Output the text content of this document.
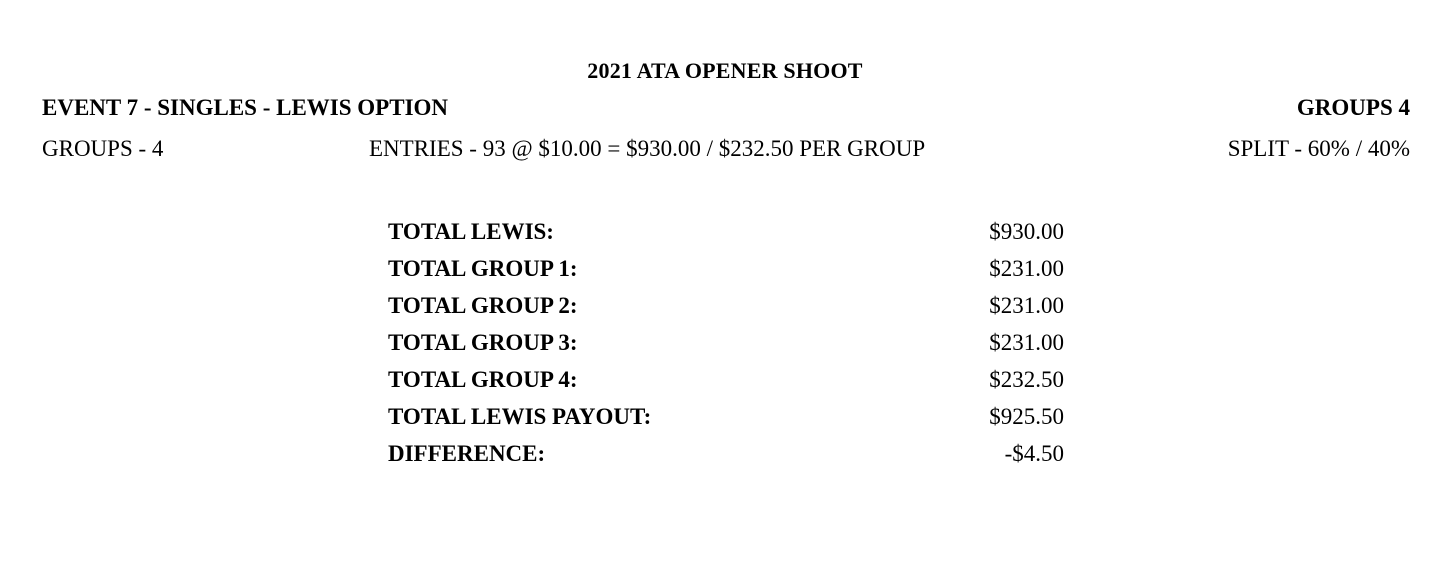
2021 ATA OPENER SHOOT
EVENT 7 - SINGLES - LEWIS OPTION	GROUPS 4
GROUPS - 4	ENTRIES - 93 @ $10.00 = $930.00 / $232.50 PER GROUP	SPLIT - 60% / 40%
TOTAL LEWIS:	$930.00
TOTAL GROUP 1:	$231.00
TOTAL GROUP 2:	$231.00
TOTAL GROUP 3:	$231.00
TOTAL GROUP 4:	$232.50
TOTAL LEWIS PAYOUT:	$925.50
DIFFERENCE:	-$4.50
